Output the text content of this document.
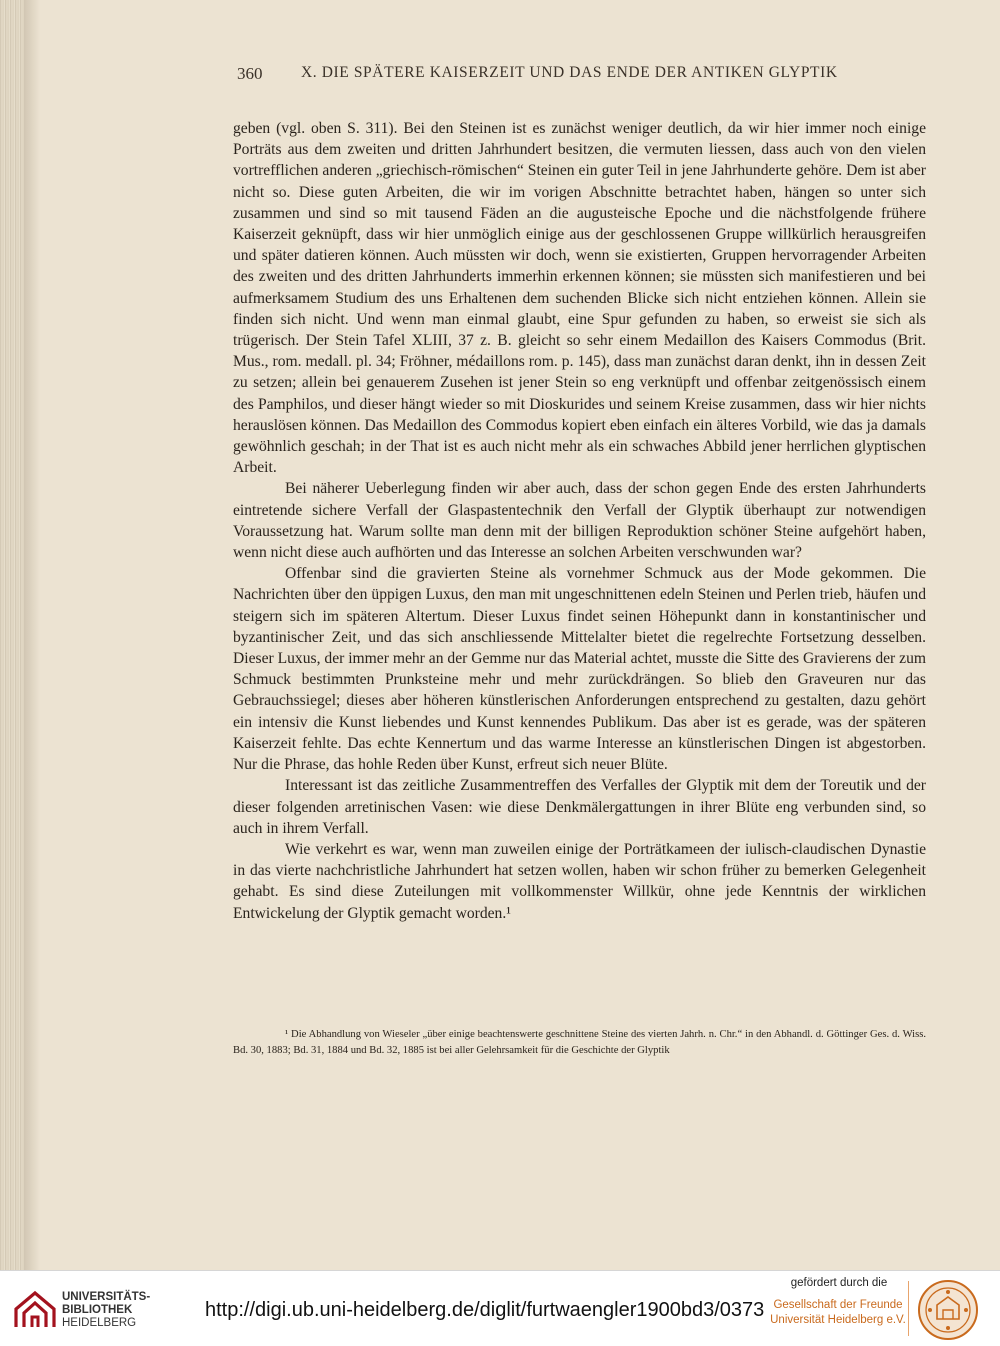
360 X. DIE SPÄTERE KAISERZEIT UND DAS ENDE DER ANTIKEN GLYPTIK

geben (vgl. oben S. 311). Bei den Steinen ist es zunächst weniger deutlich, da wir hier immer noch einige Porträts aus dem zweiten und dritten Jahrhundert besitzen, die vermuten liessen, dass auch von den vielen vortrefflichen anderen „griechisch-römischen“ Steinen ein guter Teil in jene Jahrhunderte gehöre. Dem ist aber nicht so. Diese guten Arbeiten, die wir im vorigen Abschnitte betrachtet haben, hängen so unter sich zusammen und sind so mit tausend Fäden an die augusteische Epoche und die nächstfolgende frühere Kaiserzeit geknüpft, dass wir hier unmöglich einige aus der geschlossenen Gruppe willkürlich herausgreifen und später datieren können. Auch müssten wir doch, wenn sie existierten, Gruppen hervorragender Arbeiten des zweiten und des dritten Jahrhunderts immerhin erkennen können; sie müssten sich manifestieren und bei aufmerksamem Studium des uns Erhaltenen dem suchenden Blicke sich nicht entziehen können. Allein sie finden sich nicht. Und wenn man einmal glaubt, eine Spur gefunden zu haben, so erweist sie sich als trügerisch. Der Stein Tafel XLIII, 37 z. B. gleicht so sehr einem Medaillon des Kaisers Commodus (Brit. Mus., rom. medall. pl. 34; Fröhner, médaillons rom. p. 145), dass man zunächst daran denkt, ihn in dessen Zeit zu setzen; allein bei genauerem Zusehen ist jener Stein so eng verknüpft und offenbar zeitgenössisch einem des Pamphilos, und dieser hängt wieder so mit Dioskurides und seinem Kreise zusammen, dass wir hier nichts herauslösen können. Das Medaillon des Commodus kopiert eben einfach ein älteres Vorbild, wie das ja damals gewöhnlich geschah; in der That ist es auch nicht mehr als ein schwaches Abbild jener herrlichen glyptischen Arbeit.

Bei näherer Ueberlegung finden wir aber auch, dass der schon gegen Ende des ersten Jahrhunderts eintretende sichere Verfall der Glaspastentechnik den Verfall der Glyptik überhaupt zur notwendigen Voraussetzung hat. Warum sollte man denn mit der billigen Reproduktion schöner Steine aufgehört haben, wenn nicht diese auch aufhörten und das Interesse an solchen Arbeiten verschwunden war?

Offenbar sind die gravierten Steine als vornehmer Schmuck aus der Mode gekommen. Die Nachrichten über den üppigen Luxus, den man mit ungeschnittenen edeln Steinen und Perlen trieb, häufen und steigern sich im späteren Altertum. Dieser Luxus findet seinen Höhepunkt dann in konstantinischer und byzantinischer Zeit, und das sich anschliessende Mittelalter bietet die regelrechte Fortsetzung desselben. Dieser Luxus, der immer mehr an der Gemme nur das Material achtet, musste die Sitte des Gravierens der zum Schmuck bestimmten Prunksteine mehr und mehr zurückdrängen. So blieb den Graveuren nur das Gebrauchssiegel; dieses aber höheren künstlerischen Anforderungen entsprechend zu gestalten, dazu gehört ein intensiv die Kunst liebendes und Kunst kennendes Publikum. Das aber ist es gerade, was der späteren Kaiserzeit fehlte. Das echte Kennertum und das warme Interesse an künstlerischen Dingen ist abgestorben. Nur die Phrase, das hohle Reden über Kunst, erfreut sich neuer Blüte.

Interessant ist das zeitliche Zusammentreffen des Verfalles der Glyptik mit dem der Toreutik und der dieser folgenden arretinischen Vasen: wie diese Denkmälergattungen in ihrer Blüte eng verbunden sind, so auch in ihrem Verfall.

Wie verkehrt es war, wenn man zuweilen einige der Porträtkameen der iulisch-claudischen Dynastie in das vierte nachchristliche Jahrhundert hat setzen wollen, haben wir schon früher zu bemerken Gelegenheit gehabt. Es sind diese Zuteilungen mit vollkommenster Willkür, ohne jede Kenntnis der wirklichen Entwickelung der Glyptik gemacht worden.¹

¹ Die Abhandlung von Wieseler „über einige beachtenswerte geschnittene Steine des vierten Jahrh. n. Chr.“ in den Abhandl. d. Göttinger Ges. d. Wiss. Bd. 30, 1883; Bd. 31, 1884 und Bd. 32, 1885 ist bei aller Gelehrsamkeit für die Geschichte der Glyptik
UNIVERSITÄTS-
BIBLIOTHEK
HEIDELBERG
http://digi.ub.uni-heidelberg.de/diglit/furtwaengler1900bd3/0373
gefördert durch die
Gesellschaft der Freunde
Universität Heidelberg e.V.
